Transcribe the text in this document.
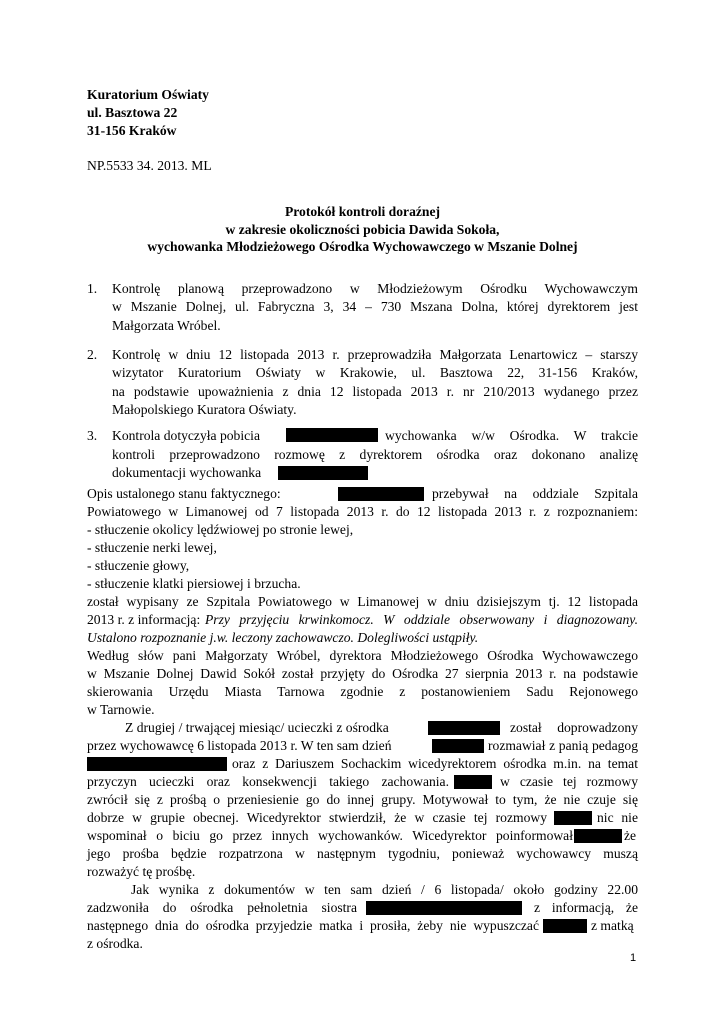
Kuratorium Oświaty
ul. Basztowa 22
31-156 Kraków
NP.5533 34. 2013. ML
Protokół kontroli doraźnej
w zakresie okoliczności pobicia Dawida Sokoła,
wychowanka Młodzieżowego Ośrodka Wychowawczego w Mszanie Dolnej
1. Kontrolę planową przeprowadzono w Młodzieżowym Ośrodku Wychowawczym
w Mszanie Dolnej, ul. Fabryczna 3, 34 – 730 Mszana Dolna, której dyrektorem jest
Małgorzata Wróbel.
2. Kontrolę w dniu 12 listopada 2013 r. przeprowadziła Małgorzata Lenartowicz – starszy
wizytator Kuratorium Oświaty w Krakowie, ul. Basztowa 22, 31-156 Kraków,
na podstawie upoważnienia z dnia 12 listopada 2013 r. nr 210/2013 wydanego przez
Małopolskiego Kuratora Oświaty.
3. Kontrola dotyczyła pobicia	wychowanka w/w Ośrodka. W trakcie
kontroli przeprowadzono rozmowę z dyrektorem ośrodka oraz dokonano analizę
dokumentacji wychowanka
Opis ustalonego stanu faktycznego:	przebywał na oddziale Szpitala
Powiatowego w Limanowej od 7 listopada 2013 r. do 12 listopada 2013 r. z rozpoznaniem:
- stłuczenie okolicy lędźwiowej po stronie lewej,
- stłuczenie nerki lewej,
- stłuczenie głowy,
- stłuczenie klatki piersiowej i brzucha.
został wypisany ze Szpitala Powiatowego w Limanowej w dniu dzisiejszym tj. 12 listopada
2013 r. z informacją: Przy przyjęciu krwinkomocz. W oddziale obserwowany i diagnozowany.
Ustalono rozpoznanie j.w. leczony zachowawczo. Dolegliwości ustąpiły.
Według słów pani Małgorzaty Wróbel, dyrektora Młodzieżowego Ośrodka Wychowawczego
w Mszanie Dolnej Dawid Sokół został przyjęty do Ośrodka 27 sierpnia 2013 r. na podstawie
skierowania Urzędu Miasta Tarnowa zgodnie z postanowieniem Sadu Rejonowego
w Tarnowie.
Z drugiej / trwającej miesiąc/ ucieczki z ośrodka	został doprowadzony
przez wychowawcę 6 listopada 2013 r. W ten sam dzień	rozmawiał z panią pedagog
oraz z Dariuszem Sochackim wicedyrektorem ośrodka m.in. na temat
przyczyn ucieczki oraz konsekwencji takiego zachowania.	w czasie tej rozmowy
zwrócił się z prośbą o przeniesienie go do innej grupy. Motywował to tym, że nie czuje się
dobrze w grupie obecnej. Wicedyrektor stwierdził, że w czasie tej rozmowy	nic nie
wspominał o biciu go przez innych wychowanków. Wicedyrektor poinformował	że
jego prośba będzie rozpatrzona w następnym tygodniu, ponieważ wychowawcy muszą
rozważyć tę prośbę.
Jak wynika z dokumentów w ten sam dzień / 6 listopada/ około godziny 22.00
zadzwoniła do ośrodka pełnoletnia siostra	z informacją, że
następnego dnia do ośrodka przyjedzie matka i prosiła, żeby nie wypuszczać	z matką
z ośrodka.
1
